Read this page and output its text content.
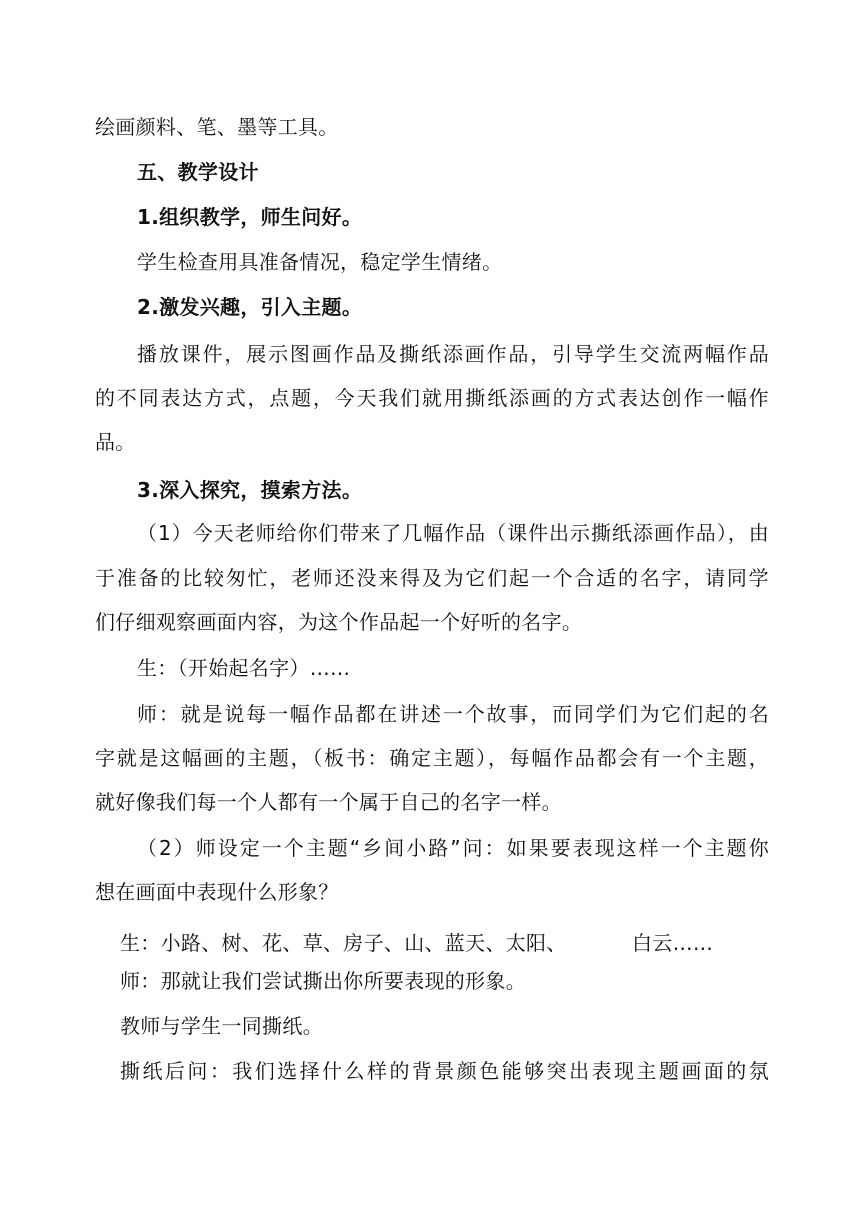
绘画颜料、笔、墨等工具。
五、教学设计
1.组织教学，师生问好。
学生检查用具准备情况，稳定学生情绪。
2.激发兴趣，引入主题。
播放课件，展示图画作品及撕纸添画作品，引导学生交流两幅作品
的不同表达方式，点题，今天我们就用撕纸添画的方式表达创作一幅作
品。
3.深入探究，摸索方法。
（1）今天老师给你们带来了几幅作品（课件出示撕纸添画作品），由
于准备的比较匆忙，老师还没来得及为它们起一个合适的名字，请同学
们仔细观察画面内容，为这个作品起一个好听的名字。
生：（开始起名字）……
师：就是说每一幅作品都在讲述一个故事，而同学们为它们起的名
字就是这幅画的主题，（板书：确定主题），每幅作品都会有一个主题，
就好像我们每一个人都有一个属于自己的名字一样。
（2）师设定一个主题“乡间小路”问：如果要表现这样一个主题你
想在画面中表现什么形象？
生：小路、树、花、草、房子、山、蓝天、太阳、	白云……
师：那就让我们尝试撕出你所要表现的形象。
教师与学生一同撕纸。
撕纸后问：我们选择什么样的背景颜色能够突出表现主题画面的氛
